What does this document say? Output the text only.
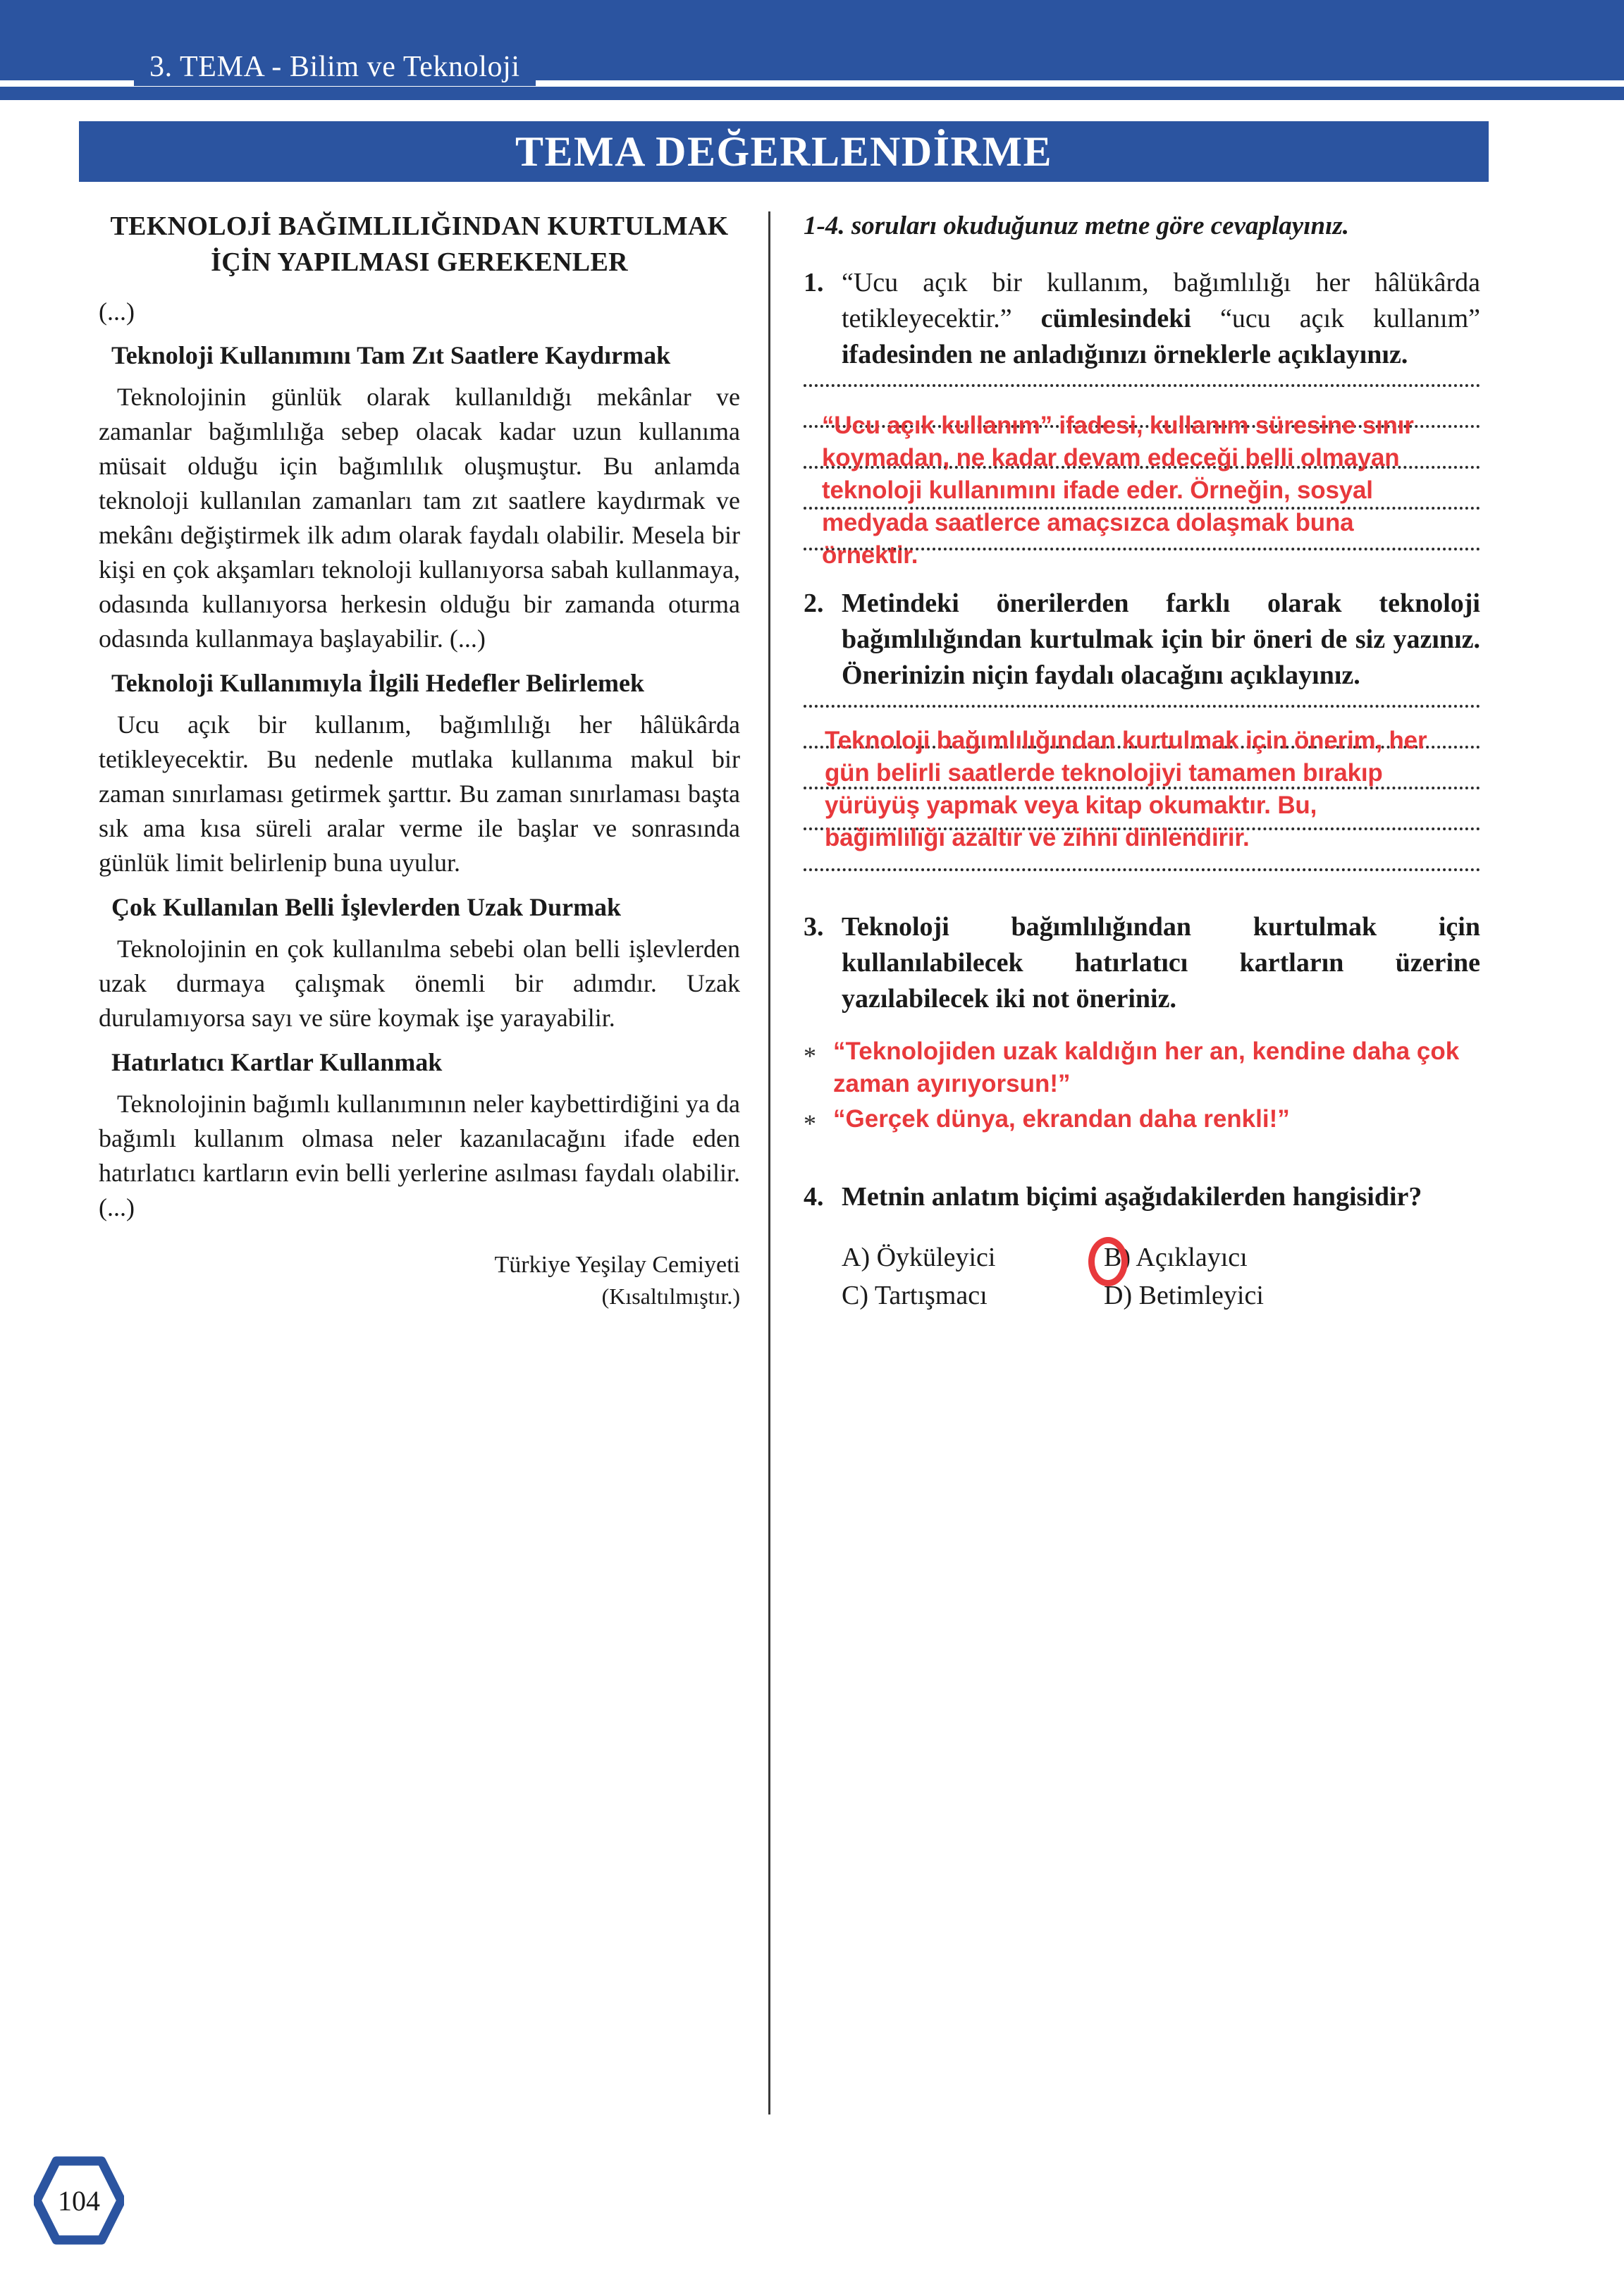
3. TEMA - Bilim ve Teknoloji
TEMA DEĞERLENDİRME
TEKNOLOJİ BAĞIMLILIĞINDAN KURTULMAK İÇİN YAPILMASI GEREKENLER
(...)
Teknoloji Kullanımını Tam Zıt Saatlere Kaydırmak
Teknolojinin günlük olarak kullanıldığı mekânlar ve zamanlar bağımlılığa sebep olacak kadar uzun kullanıma müsait olduğu için bağımlılık oluşmuştur. Bu anlamda teknoloji kullanılan zamanları tam zıt saatlere kaydırmak ve mekânı değiştirmek ilk adım olarak faydalı olabilir. Mesela bir kişi en çok akşamları teknoloji kullanıyorsa sabah kullanmaya, odasında kullanıyorsa herkesin olduğu bir zamanda oturma odasında kullanmaya başlayabilir. (...)
Teknoloji Kullanımıyla İlgili Hedefler Belirlemek
Ucu açık bir kullanım, bağımlılığı her hâlükârda tetikleyecektir. Bu nedenle mutlaka kullanıma makul bir zaman sınırlaması getirmek şarttır. Bu zaman sınırlaması başta sık ama kısa süreli aralar verme ile başlar ve sonrasında günlük limit belirlenip buna uyulur.
Çok Kullanılan Belli İşlevlerden Uzak Durmak
Teknolojinin en çok kullanılma sebebi olan belli işlevlerden uzak durmaya çalışmak önemli bir adımdır. Uzak durulamıyorsa sayı ve süre koymak işe yarayabilir.
Hatırlatıcı Kartlar Kullanmak
Teknolojinin bağımlı kullanımının neler kaybettirdiğini ya da bağımlı kullanım olmasa neler kazanılacağını ifade eden hatırlatıcı kartların evin belli yerlerine asılması faydalı olabilir. (...)
Türkiye Yeşilay Cemiyeti
(Kısaltılmıştır.)
1-4. soruları okuduğunuz metne göre cevaplayınız.
1. “Ucu açık bir kullanım, bağımlılığı her hâlükârda tetikleyecektir.” cümlesindeki “ucu açık kullanım” ifadesinden ne anladığınızı örneklerle açıklayınız.
“Ucu açık kullanım” ifadesi, kullanım süresine sınır koymadan, ne kadar devam edeceği belli olmayan teknoloji kullanımını ifade eder. Örneğin, sosyal medyada saatlerce amaçsızca dolaşmak buna örnektir.
2. Metindeki önerilerden farklı olarak teknoloji bağımlılığından kurtulmak için bir öneri de siz yazınız. Önerinizin niçin faydalı olacağını açıklayınız.
Teknoloji bağımlılığından kurtulmak için önerim, her gün belirli saatlerde teknolojiyi tamamen bırakıp yürüyüş yapmak veya kitap okumaktır. Bu, bağımlılığı azaltır ve zihni dinlendirir.
3. Teknoloji bağımlılığından kurtulmak için kullanılabilecek hatırlatıcı kartların üzerine yazılabilecek iki not öneriniz.
* “Teknolojiden uzak kaldığın her an, kendine daha çok zaman ayırıyorsun!”
* “Gerçek dünya, ekrandan daha renkli!”
4. Metnin anlatım biçimi aşağıdakilerden hangisidir?
A) Öyküleyici	B) Açıklayıcı
C) Tartışmacı	D) Betimleyici
104
